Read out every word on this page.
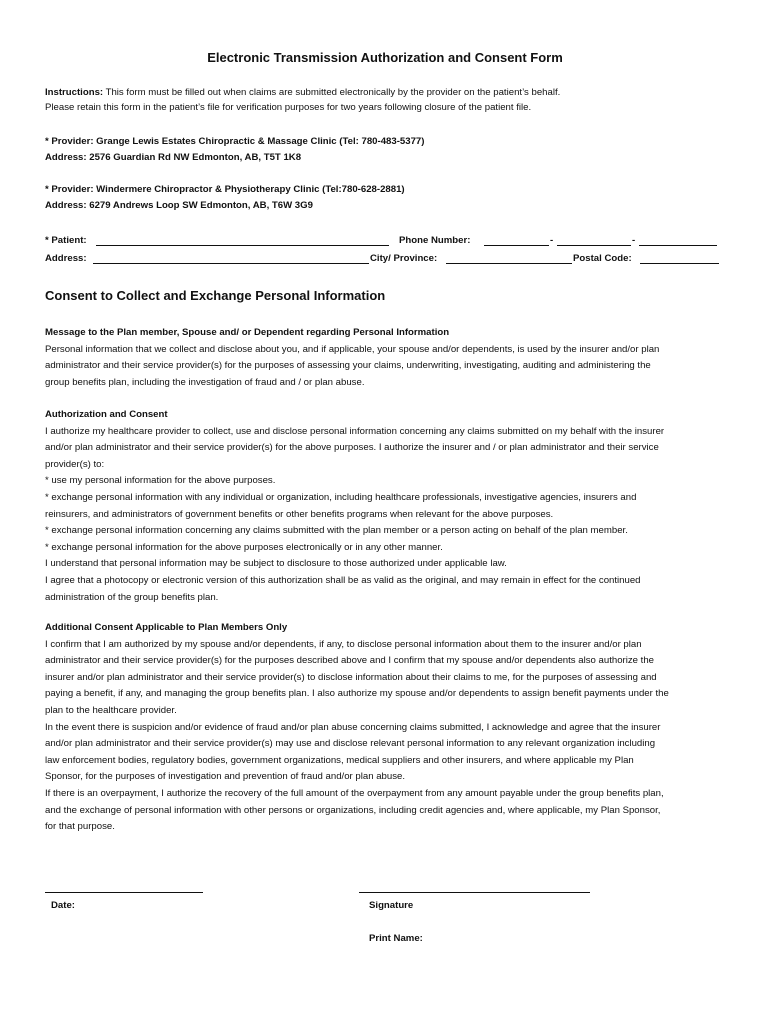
Electronic Transmission Authorization and Consent Form
Instructions: This form must be filled out when claims are submitted electronically by the provider on the patient’s behalf.
Please retain this form in the patient’s file for verification purposes for two years following closure of the patient file.
* Provider: Grange Lewis Estates Chiropractic & Massage Clinic (Tel: 780-483-5377)
Address: 2576 Guardian Rd NW Edmonton, AB, T5T 1K8
* Provider: Windermere Chiropractor & Physiotherapy Clinic (Tel:780-628-2881)
Address: 6279 Andrews Loop SW Edmonton, AB, T6W 3G9
* Patient:	Phone Number:	-	-
Address:	City/ Province:	Postal Code:
Consent to Collect and Exchange Personal Information

Message to the Plan member, Spouse and/ or Dependent regarding Personal Information

Personal information that we collect and disclose about you, and if applicable, your spouse and/or dependents, is used by the insurer and/or plan

administrator and their service provider(s) for the purposes of assessing your claims, underwriting, investigating, auditing and administering the

group benefits plan, including the investigation of fraud and / or plan abuse.

Authorization and Consent

I authorize my healthcare provider to collect, use and disclose personal information concerning any claims submitted on my behalf with the insurer

and/or plan administrator and their service provider(s) for the above purposes. I authorize the insurer and / or plan administrator and their service

provider(s) to:

* use my personal information for the above purposes.

* exchange personal information with any individual or organization, including healthcare professionals, investigative agencies, insurers and

reinsurers, and administrators of government benefits or other benefits programs when relevant for the above purposes.

* exchange personal information concerning any claims submitted with the plan member or a person acting on behalf of the plan member.

* exchange personal information for the above purposes electronically or in any other manner.

I understand that personal information may be subject to disclosure to those authorized under applicable law.

I agree that a photocopy or electronic version of this authorization shall be as valid as the original, and may remain in effect for the continued

administration of the group benefits plan.

Additional Consent Applicable to Plan Members Only

I confirm that I am authorized by my spouse and/or dependents, if any, to disclose personal information about them to the insurer and/or plan

administrator and their service provider(s) for the purposes described above and I confirm that my spouse and/or dependents also authorize the

insurer and/or plan administrator and their service provider(s) to disclose information about their claims to me, for the purposes of assessing and

paying a benefit, if any, and managing the group benefits plan. I also authorize my spouse and/or dependents to assign benefit payments under the

plan to the healthcare provider.

In the event there is suspicion and/or evidence of fraud and/or plan abuse concerning claims submitted, I acknowledge and agree that the insurer

and/or plan administrator and their service provider(s) may use and disclose relevant personal information to any relevant organization including

law enforcement bodies, regulatory bodies, government organizations, medical suppliers and other insurers, and where applicable my Plan

Sponsor, for the purposes of investigation and prevention of fraud and/or plan abuse.

If there is an overpayment, I authorize the recovery of the full amount of the overpayment from any amount payable under the group benefits plan,

and the exchange of personal information with other persons or organizations, including credit agencies and, where applicable, my Plan Sponsor,

for that purpose.

Date:	Signature
Print Name:
